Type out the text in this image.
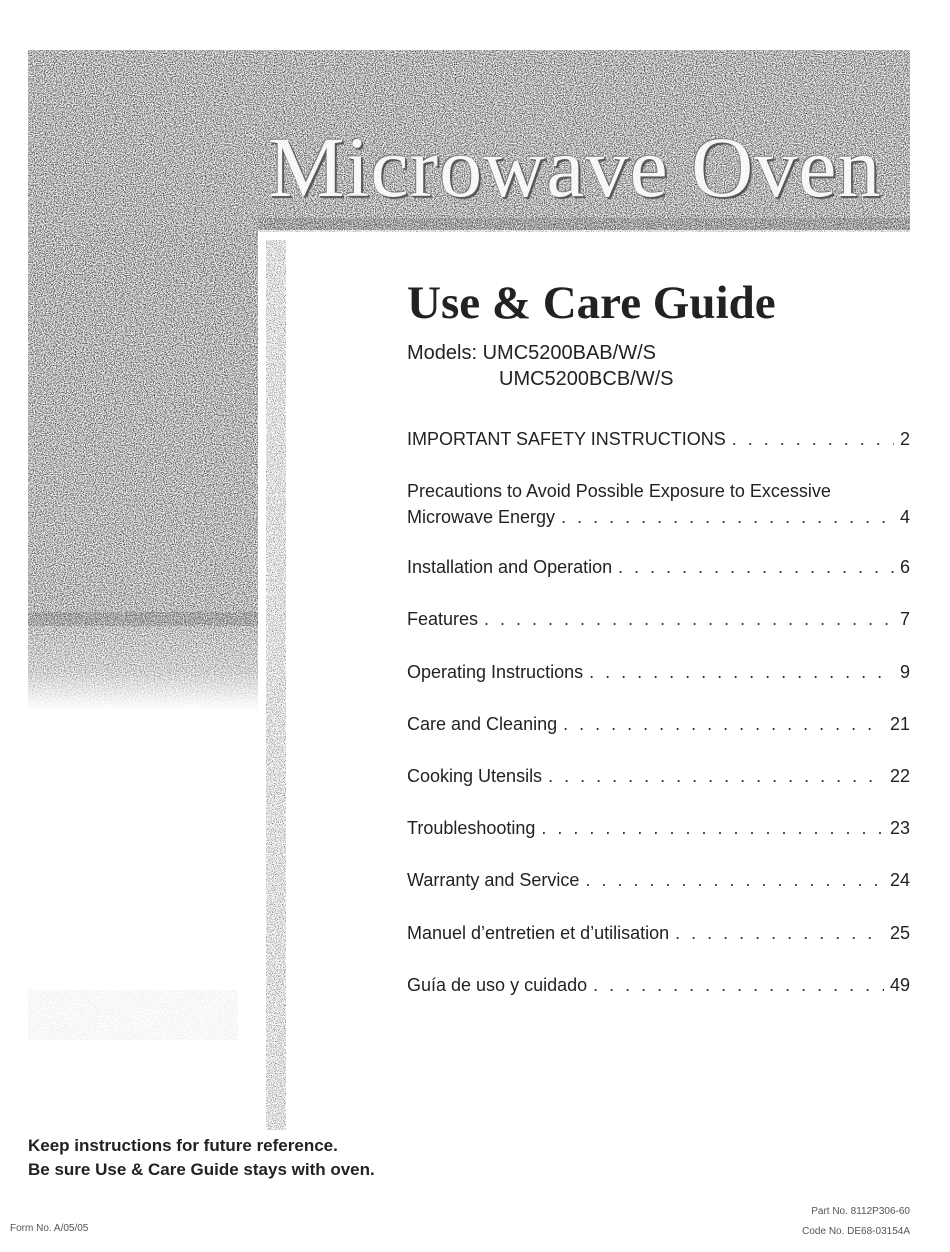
Microwave Oven
Use & Care Guide
Models: UMC5200BAB/W/S
UMC5200BCB/W/S
IMPORTANT SAFETY INSTRUCTIONS . . .	2
Precautions to Avoid Possible Exposure to Excessive
Microwave Energy . . .	4
Installation and Operation . . .	6
Features . . .	7
Operating Instructions . . .	9
Care and Cleaning . . .	21
Cooking Utensils . . .	22
Troubleshooting . . .	23
Warranty and Service . . .	24
Manuel d’entretien et d’utilisation . . .	25
Guía de uso y cuidado . . .	49
Keep instructions for future reference.
Be sure Use & Care Guide stays with oven.
Part No. 8112P306-60
Code No. DE68-03154A
Form No. A/05/05
